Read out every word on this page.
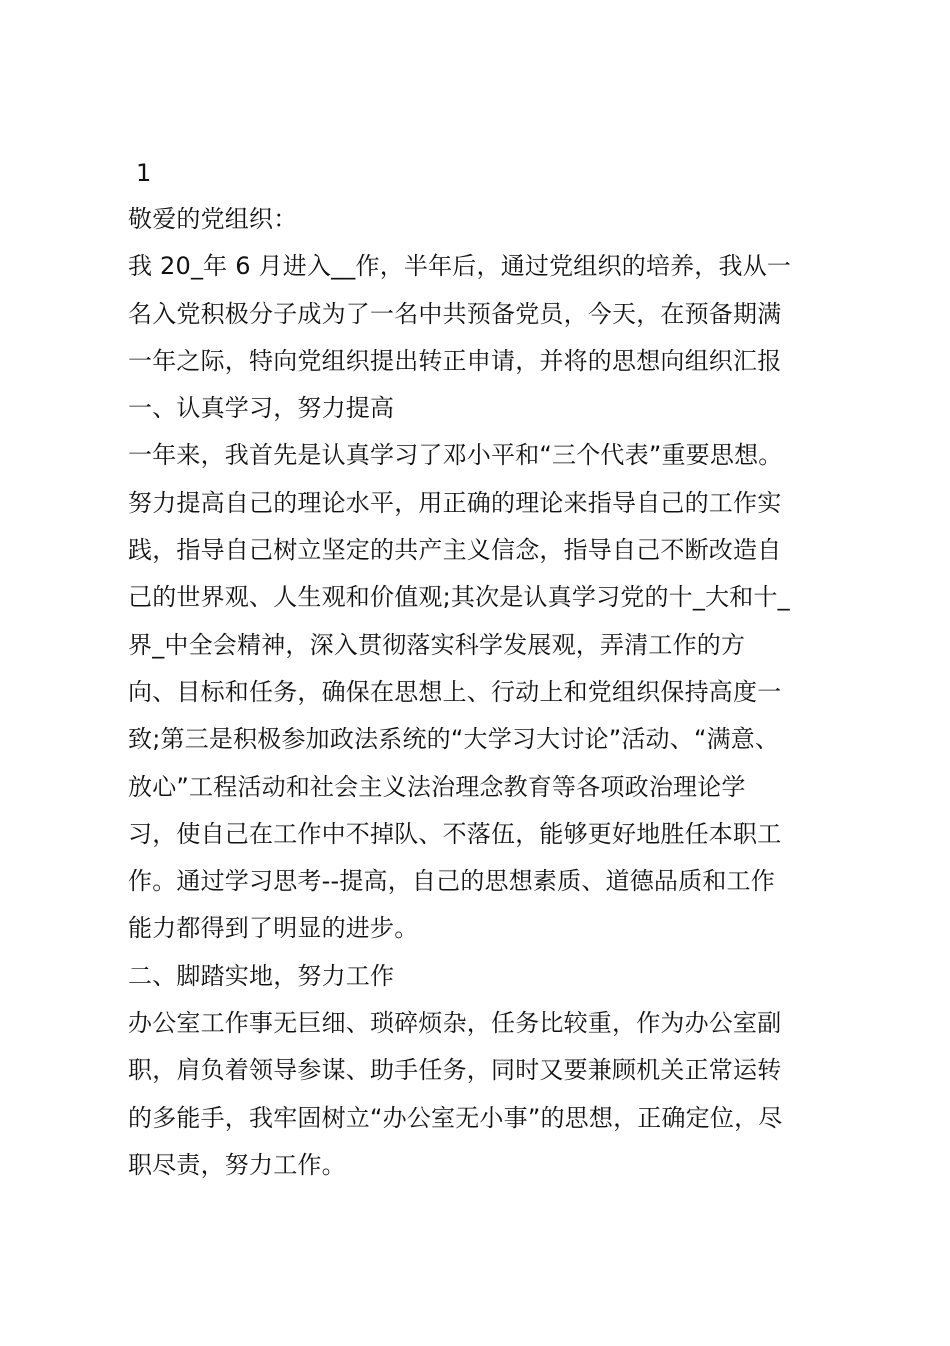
1
敬爱的党组织：
我 20_年 6 月进入__作，半年后，通过党组织的培养，我从一
名入党积极分子成为了一名中共预备党员，今天，在预备期满
一年之际，特向党组织提出转正申请，并将的思想向组织汇报
一、认真学习，努力提高
一年来，我首先是认真学习了邓小平和“三个代表”重要思想。
努力提高自己的理论水平，用正确的理论来指导自己的工作实
践，指导自己树立坚定的共产主义信念，指导自己不断改造自
己的世界观、人生观和价值观;其次是认真学习党的十_大和十_
界_中全会精神，深入贯彻落实科学发展观，弄清工作的方
向、目标和任务，确保在思想上、行动上和党组织保持高度一
致;第三是积极参加政法系统的“大学习大讨论”活动、“满意、
放心”工程活动和社会主义法治理念教育等各项政治理论学
习，使自己在工作中不掉队、不落伍，能够更好地胜任本职工
作。通过学习思考--提高，自己的思想素质、道德品质和工作
能力都得到了明显的进步。
二、脚踏实地，努力工作
办公室工作事无巨细、琐碎烦杂，任务比较重，作为办公室副
职，肩负着领导参谋、助手任务，同时又要兼顾机关正常运转
的多能手，我牢固树立“办公室无小事”的思想，正确定位，尽
职尽责，努力工作。
